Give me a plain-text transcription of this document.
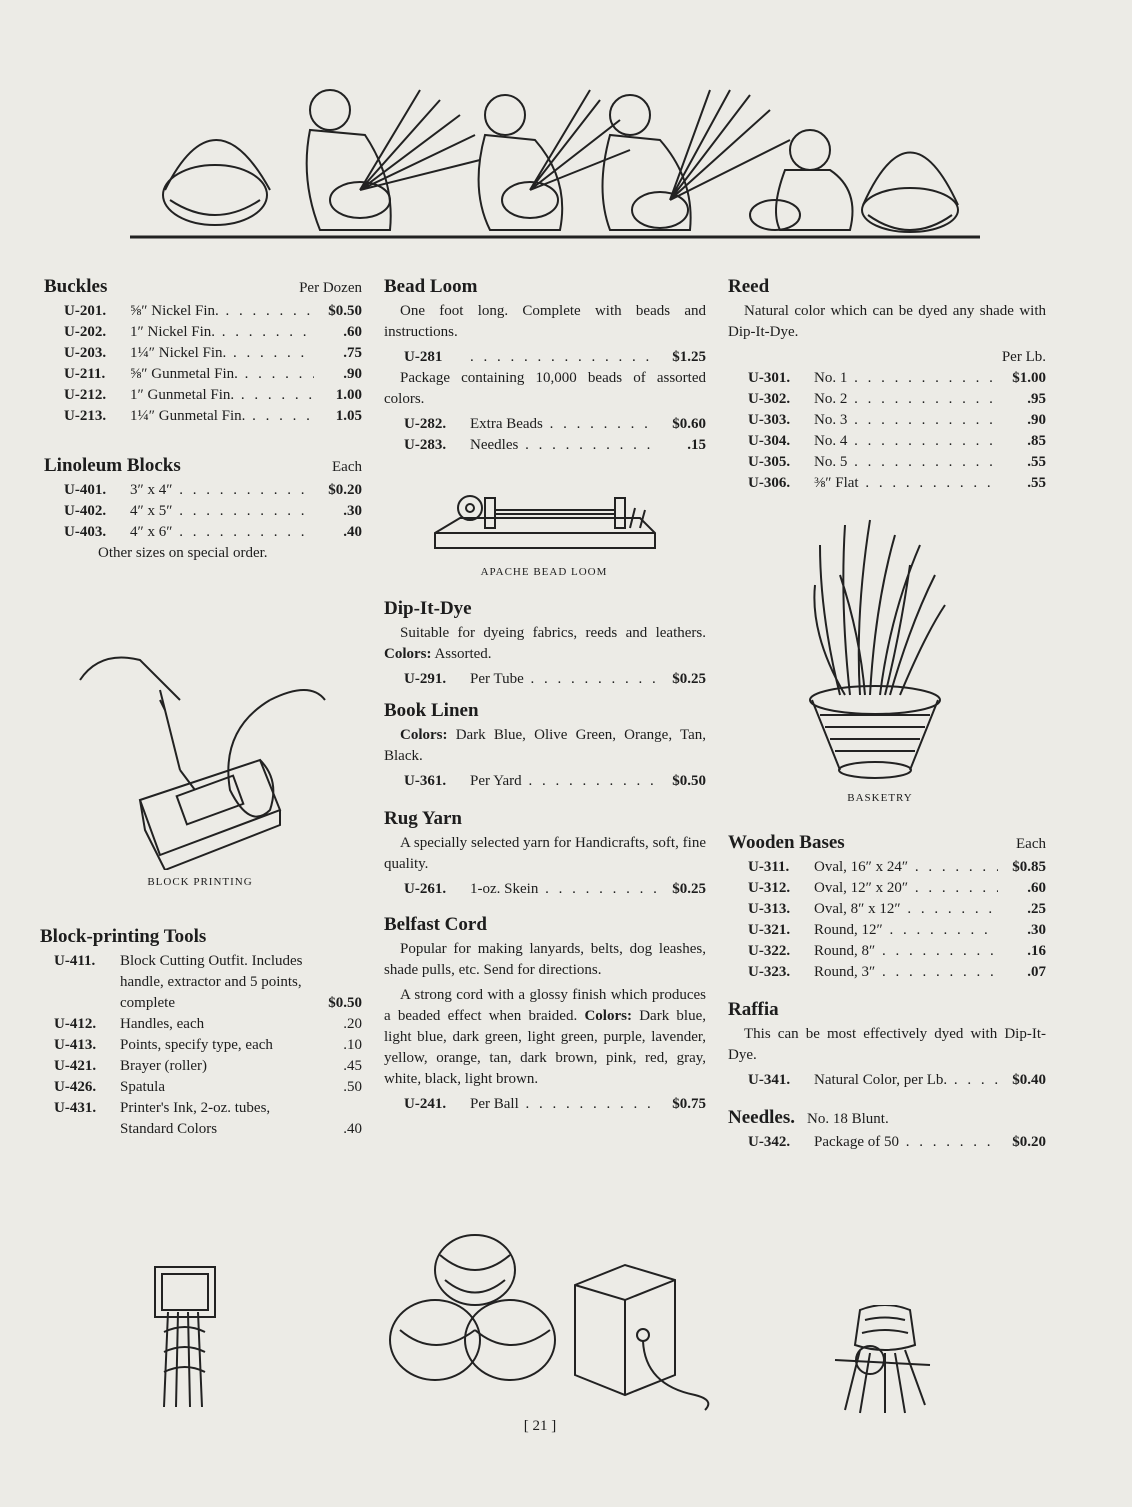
Buckles	Per Dozen
U-201.	⅝″ Nickel Fin. . . .	$0.50
U-202.	1″ Nickel Fin. . . .	.60
U-203.	1¼″ Nickel Fin. . . .	.75
U-211.	⅝″ Gunmetal Fin. . . .	.90
U-212.	1″ Gunmetal Fin. . . .	1.00
U-213.	1¼″ Gunmetal Fin. . . .	1.05
Linoleum Blocks	Each
U-401.	3″ x 4″ . . .	$0.20
U-402.	4″ x 5″ . . .	.30
U-403.	4″ x 6″ . . .	.40

Other sizes on special order.

BLOCK PRINTING
Block-printing Tools
U-411.	Block Cutting Outfit. Includes handle, extractor and 5 points, complete	$0.50
U-412.	Handles, each	.20
U-413.	Points, specify type, each	.10
U-421.	Brayer (roller)	.45
U-426.	Spatula	.50
U-431.	Printer's Ink, 2-oz. tubes, Standard Colors	.40
Bead Loom

One foot long. Complete with beads and instructions.

U-281
. . .	$1.25

Package containing 10,000 beads of assorted colors.

U-282.	Extra Beads . . .	$0.60
U-283.	Needles . . .	.15
APACHE BEAD LOOM
Dip-It-Dye

Suitable for dyeing fabrics, reeds and leathers. Colors: Assorted.

U-291.	Per Tube . . .	$0.25
Book Linen

Colors: Dark Blue, Olive Green, Orange, Tan, Black.

U-361.	Per Yard . . .	$0.50
Rug Yarn

A specially selected yarn for Handicrafts, soft, fine quality.

U-261.	1-oz. Skein . . .	$0.25
Belfast Cord

Popular for making lanyards, belts, dog leashes, shade pulls, etc. Send for directions.

A strong cord with a glossy finish which produces a beaded effect when braided. Colors: Dark blue, light blue, dark green, light green, purple, lavender, yellow, orange, tan, dark brown, pink, red, gray, white, black, light brown.

U-241.	Per Ball . . .	$0.75
Reed

Natural color which can be dyed any shade with Dip-It-Dye.

Per Lb.
U-301.	No. 1 . . .	$1.00
U-302.	No. 2 . . .	.95
U-303.	No. 3 . . .	.90
U-304.	No. 4 . . .	.85
U-305.	No. 5 . . .	.55
U-306.	⅜″ Flat . . .	.55
BASKETRY
Wooden Bases	Each
U-311.	Oval, 16″ x 24″ . . .	$0.85
U-312.	Oval, 12″ x 20″ . . .	.60
U-313.	Oval, 8″ x 12″ . . .	.25
U-321.	Round, 12″ . . .	.30
U-322.	Round, 8″ . . .	.16
U-323.	Round, 3″ . . .	.07
Raffia

This can be most effectively dyed with Dip-It-Dye.

U-341.	Natural Color, per Lb. . . .	$0.40
Needles. No. 18 Blunt.
U-342.	Package of 50 . . .	$0.20
[ 21 ]
